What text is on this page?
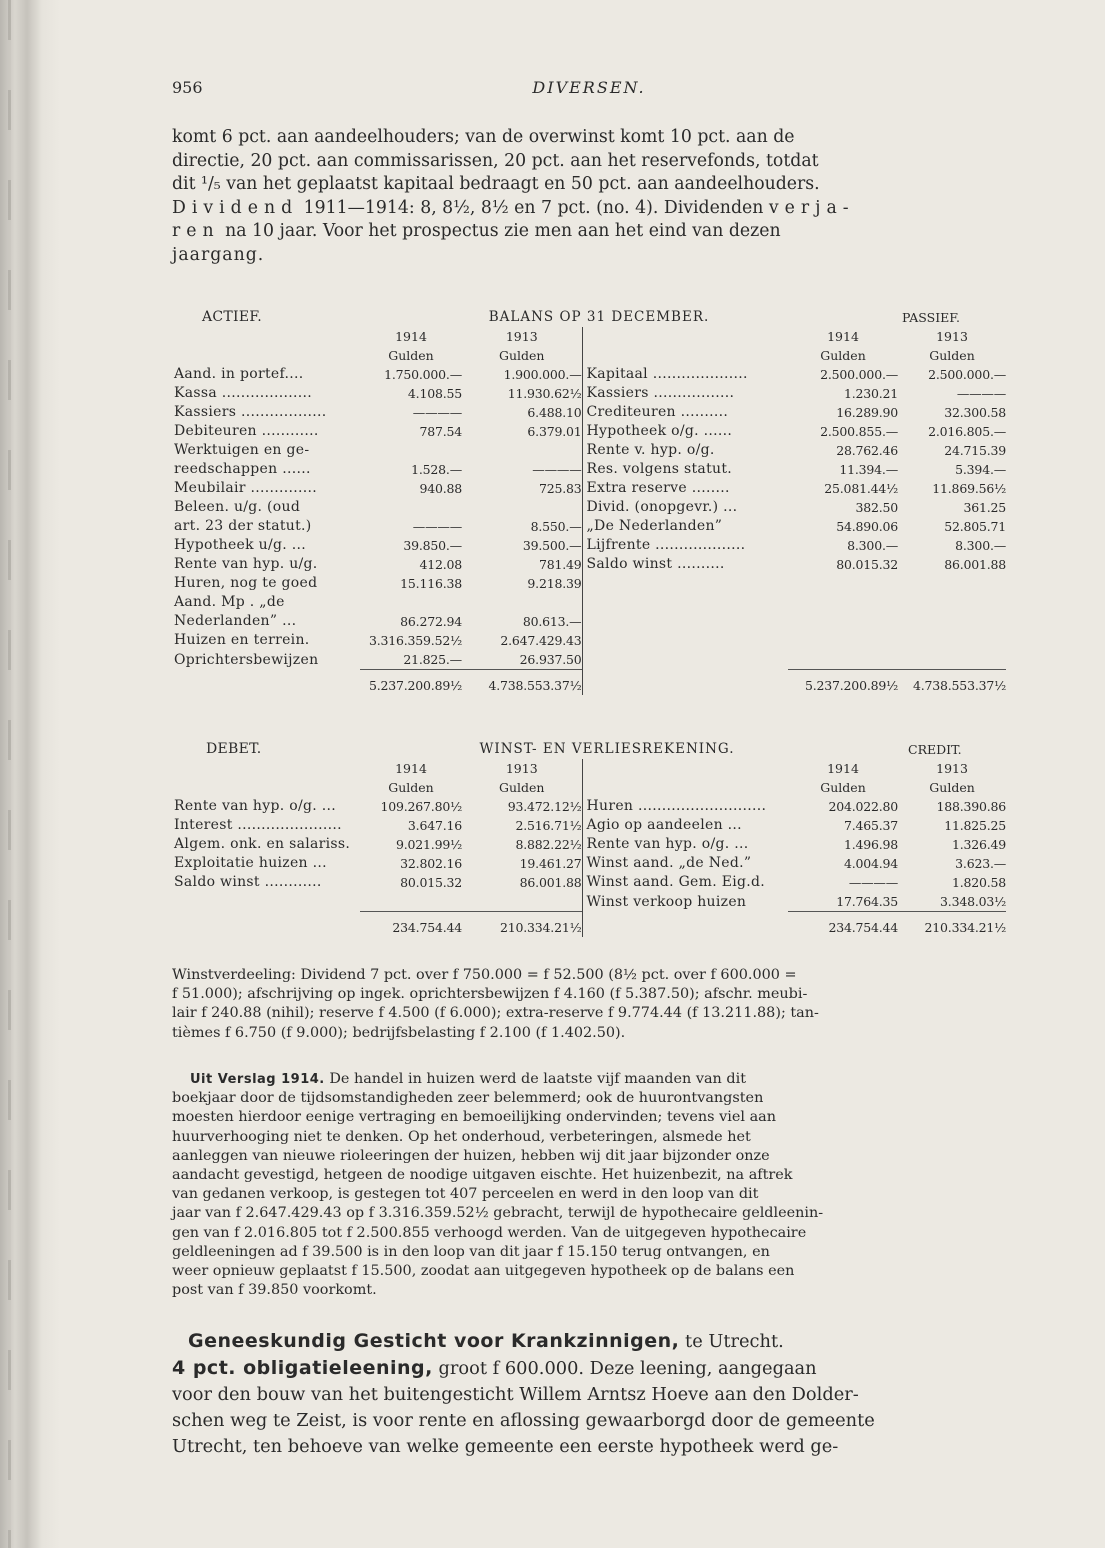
956	DIVERSEN.
komt 6 pct. aan aandeelhouders; van de overwinst komt 10 pct. aan de
directie, 20 pct. aan commissarissen, 20 pct. aan het reservefonds, totdat
dit ¹/₅ van het geplaatst kapitaal bedraagt en 50 pct. aan aandeelhouders.
Dividend 1911—1914: 8, 8½, 8½ en 7 pct. (no. 4). Dividenden verja-
ren na 10 jaar. Voor het prospectus zie men aan het eind van dezen
jaargang.
ACTIEF.	BALANS OP 31 DECEMBER.				PASSIEF.
	1914	1913		1914	1913
	Gulden	Gulden		Gulden	Gulden
Aand. in portef....	1.750.000.—	1.900.000.—	Kapitaal ....................	2.500.000.—	2.500.000.—
Kassa ...................	4.108.55	11.930.62½	Kassiers .................	1.230.21	————
Kassiers ..................	————	6.488.10	Crediteuren ..........	16.289.90	32.300.58
Debiteuren ............	787.54	6.379.01	Hypotheek o/g. ......	2.500.855.—	2.016.805.—
Werktuigen en ge-			Rente v. hyp. o/g.	28.762.46	24.715.39
reedschappen ......	1.528.—	————	Res. volgens statut.	11.394.—	5.394.—
Meubilair ..............	940.88	725.83	Extra reserve ........	25.081.44½	11.869.56½
Beleen. u/g. (oud			Divid. (onopgevr.) ...	382.50	361.25
art. 23 der statut.)	————	8.550.—	„De Nederlanden”	54.890.06	52.805.71
Hypotheek u/g. ...	39.850.—	39.500.—	Lijfrente ...................	8.300.—	8.300.—
Rente van hyp. u/g.	412.08	781.49	Saldo winst ..........	80.015.32	86.001.88
Huren, nog te goed	15.116.38	9.218.39			
Aand. Mp . „de					
Nederlanden” ...	86.272.94	80.613.—			
Huizen en terrein.	3.316.359.52½	2.647.429.43			
Oprichtersbewijzen	21.825.—	26.937.50			

	5.237.200.89½	4.738.553.37½		5.237.200.89½	4.738.553.37½
DEBET.	WINST- EN VERLIESREKENING.				CREDIT.
	1914	1913		1914	1913
	Gulden	Gulden		Gulden	Gulden
Rente van hyp. o/g. ...	109.267.80½	93.472.12½	Huren ...........................	204.022.80	188.390.86
Interest ......................	3.647.16	2.516.71½	Agio op aandeelen ...	7.465.37	11.825.25
Algem. onk. en salariss.	9.021.99½	8.882.22½	Rente van hyp. o/g. ...	1.496.98	1.326.49
Exploitatie huizen ...	32.802.16	19.461.27	Winst aand. „de Ned.”	4.004.94	3.623.—
Saldo winst ............	80.015.32	86.001.88	Winst aand. Gem. Eig.d.	————	1.820.58
			Winst verkoop huizen	17.764.35	3.348.03½

	234.754.44	210.334.21½		234.754.44	210.334.21½
Winstverdeeling: Dividend 7 pct. over f 750.000 = f 52.500 (8½ pct. over f 600.000 =
f 51.000); afschrijving op ingek. oprichtersbewijzen f 4.160 (f 5.387.50); afschr. meubi-
lair f 240.88 (nihil); reserve f 4.500 (f 6.000); extra-reserve f 9.774.44 (f 13.211.88); tan-
tièmes f 6.750 (f 9.000); bedrijfsbelasting f 2.100 (f 1.402.50).
Uit Verslag 1914. De handel in huizen werd de laatste vijf maanden van dit
boekjaar door de tijdsomstandigheden zeer belemmerd; ook de huurontvangsten
moesten hierdoor eenige vertraging en bemoeilijking ondervinden; tevens viel aan
huurverhooging niet te denken. Op het onderhoud, verbeteringen, alsmede het
aanleggen van nieuwe rioleeringen der huizen, hebben wij dit jaar bijzonder onze
aandacht gevestigd, hetgeen de noodige uitgaven eischte. Het huizenbezit, na aftrek
van gedanen verkoop, is gestegen tot 407 perceelen en werd in den loop van dit
jaar van f 2.647.429.43 op f 3.316.359.52½ gebracht, terwijl de hypothecaire geldleenin-
gen van f 2.016.805 tot f 2.500.855 verhoogd werden. Van de uitgegeven hypothecaire
geldleeningen ad f 39.500 is in den loop van dit jaar f 15.150 terug ontvangen, en
weer opnieuw geplaatst f 15.500, zoodat aan uitgegeven hypotheek op de balans een
post van f 39.850 voorkomt.
Geneeskundig Gesticht voor Krankzinnigen, te Utrecht.
4 pct. obligatieleening, groot f 600.000. Deze leening, aangegaan
voor den bouw van het buitengesticht Willem Arntsz Hoeve aan den Dolder-
schen weg te Zeist, is voor rente en aflossing gewaarborgd door de gemeente
Utrecht, ten behoeve van welke gemeente een eerste hypotheek werd ge-
